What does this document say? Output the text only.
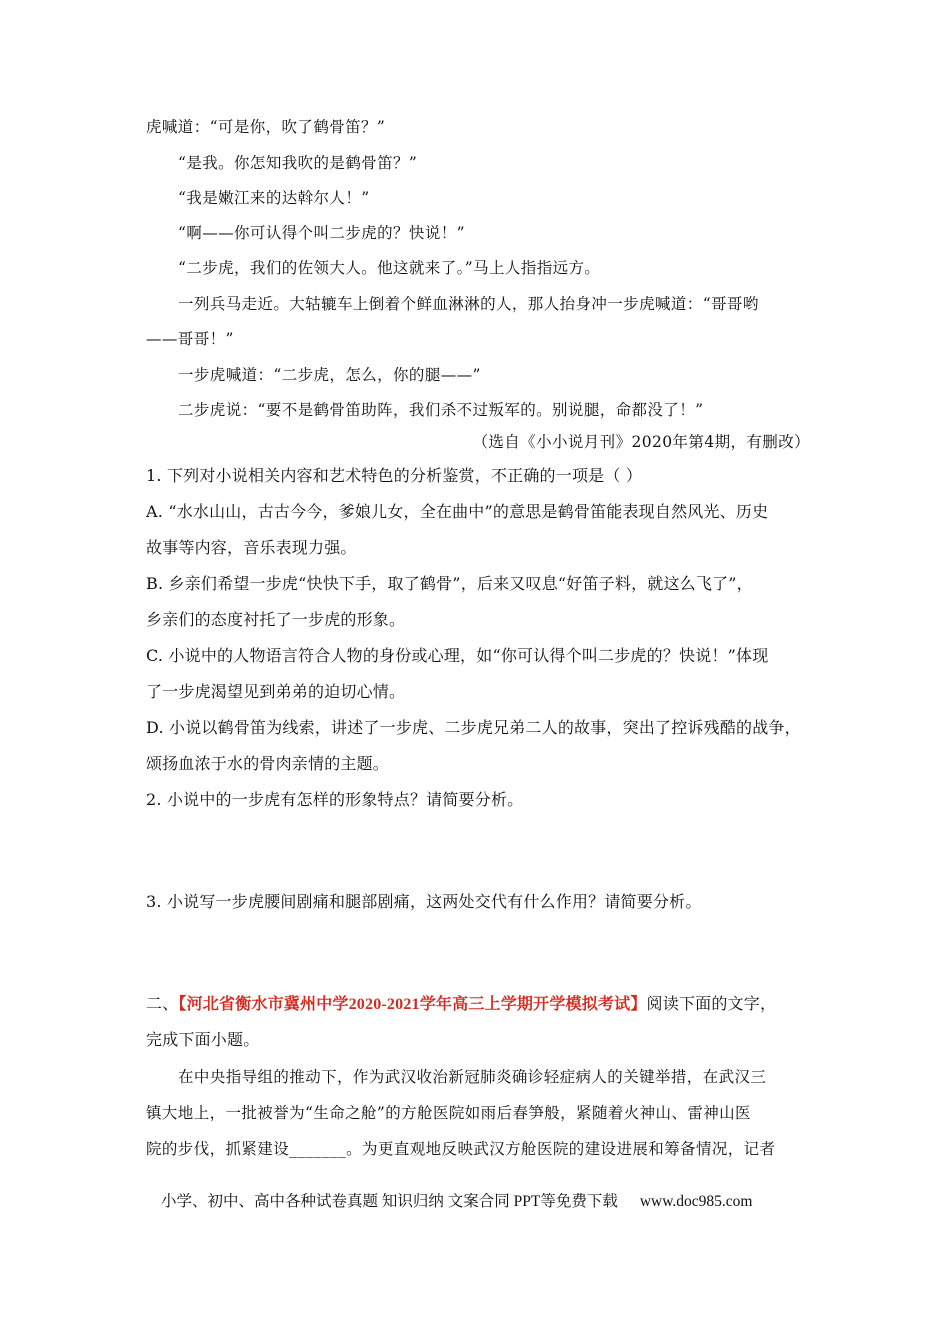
虎喊道：“可是你，吹了鹤骨笛？”
“是我。你怎知我吹的是鹤骨笛？”
“我是嫩江来的达斡尔人！”
“啊——你可认得个叫二步虎的？快说！”
“二步虎，我们的佐领大人。他这就来了。”马上人指指远方。
一列兵马走近。大轱辘车上倒着个鲜血淋淋的人，那人抬身冲一步虎喊道：“哥哥哟
——哥哥！”
一步虎喊道：“二步虎，怎么，你的腿——”
二步虎说：“要不是鹤骨笛助阵，我们杀不过叛军的。别说腿，命都没了！”
（选自《小小说月刊》2020年第4期，有删改）
1. 下列对小说相关内容和艺术特色的分析鉴赏，不正确的一项是（ ）
A. “水水山山，古古今今，爹娘儿女，全在曲中”的意思是鹤骨笛能表现自然风光、历史
故事等内容，音乐表现力强。
B. 乡亲们希望一步虎“快快下手，取了鹤骨”，后来又叹息“好笛子料，就这么飞了”，
乡亲们的态度衬托了一步虎的形象。
C. 小说中的人物语言符合人物的身份或心理，如“你可认得个叫二步虎的？快说！”体现
了一步虎渴望见到弟弟的迫切心情。
D. 小说以鹤骨笛为线索，讲述了一步虎、二步虎兄弟二人的故事，突出了控诉残酷的战争，
颂扬血浓于水的骨肉亲情的主题。
2. 小说中的一步虎有怎样的形象特点？请简要分析。
3. 小说写一步虎腰间剧痛和腿部剧痛，这两处交代有什么作用？请简要分析。
二、【河北省衡水市冀州中学2020-2021学年高三上学期开学模拟考试】阅读下面的文字，
完成下面小题。
在中央指导组的推动下，作为武汉收治新冠肺炎确诊轻症病人的关键举措，在武汉三
镇大地上，一批被誉为“生命之舱”的方舱医院如雨后春笋般，紧随着火神山、雷神山医
院的步伐，抓紧建设_______。为更直观地反映武汉方舱医院的建设进展和筹备情况，记者
小学、初中、高中各种试卷真题 知识归纳 文案合同 PPT等免费下载 www.doc985.com
